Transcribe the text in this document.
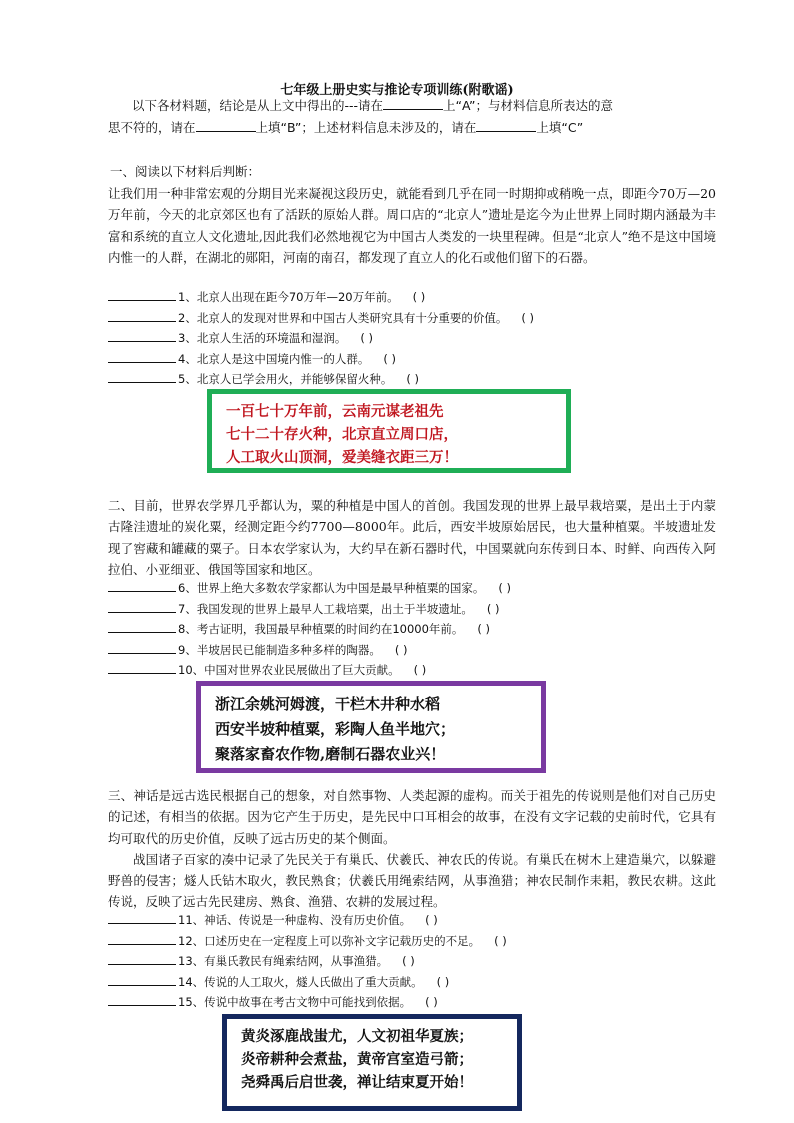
七年级上册史实与推论专项训练(附歌谣)
以下各材料题，结论是从上文中得出的---请在	上“A”；与材料信息所表达的意
思不符的，请在	上填“B”；上述材料信息未涉及的，请在	上填“C”
一、阅读以下材料后判断：

让我们用一种非常宏观的分期目光来凝视这段历史，就能看到几乎在同一时期抑或稍晚一点，即距今70万—20万年前，今天的北京郊区也有了活跃的原始人群。周口店的“北京人”遗址是迄今为止世界上同时期内涵最为丰富和系统的直立人文化遗址,因此我们必然地视它为中国古人类发的一块里程碑。但是“北京人”绝不是这中国境内惟一的人群，在湖北的郧阳，河南的南召，都发现了直立人的化石或他们留下的石器。

1、北京人出现在距今70万年—20万年前。 ( )
2、北京人的发现对世界和中国古人类研究具有十分重要的价值。 ( )
3、北京人生活的环境温和湿润。 ( )
4、北京人是这中国境内惟一的人群。 ( )
5、北京人已学会用火，并能够保留火种。 ( )
一百七十万年前，云南元谋老祖先
七十二十存火种，北京直立周口店，
人工取火山顶洞，爱美缝衣距三万！

二、目前，世界农学界几乎都认为，粟的种植是中国人的首创。我国发现的世界上最早栽培粟，是出土于内蒙古隆洼遗址的炭化粟，经测定距今约7700—8000年。此后，西安半坡原始居民，也大量种植粟。半坡遗址发现了窖藏和罐藏的粟子。日本农学家认为，大约早在新石器时代，中国粟就向东传到日本、时鲜、向西传入阿拉伯、小亚细亚、俄国等国家和地区。

6、世界上绝大多数农学家都认为中国是最早种植粟的国家。 ( )
7、我国发现的世界上最早人工栽培粟，出土于半坡遗址。 ( )
8、考古证明，我国最早种植粟的时间约在10000年前。 ( )
9、半坡居民已能制造多种多样的陶器。 ( )
10、中国对世界农业民展做出了巨大贡献。 ( )
浙江余姚河姆渡，干栏木井种水稻
西安半坡种植粟，彩陶人鱼半地穴；
聚落家畜农作物,磨制石器农业兴！

三、神话是远古选民根据自己的想象，对自然事物、人类起源的虚构。而关于祖先的传说则是他们对自己历史的记述，有相当的依据。因为它产生于历史，是先民中口耳相会的故事，在没有文字记载的史前时代，它具有均可取代的历史价值，反映了远古历史的某个侧面。

战国诸子百家的凑中记录了先民关于有巢氏、伏羲氏、神农氏的传说。有巢氏在树木上建造巢穴，以躲避野兽的侵害；燧人氏钻木取火，教民熟食；伏羲氏用绳索结网，从事渔猎；神农民制作耒耜，教民农耕。这此传说，反映了远古先民建房、熟食、渔猎、农耕的发展过程。

11、神话、传说是一种虚构、没有历史价值。 ( )
12、口述历史在一定程度上可以弥补文字记载历史的不足。 ( )
13、有巢氏教民有绳索结网，从事渔猎。 ( )
14、传说的人工取火，燧人氏做出了重大贡献。 ( )
15、传说中故事在考古文物中可能找到依据。 ( )
黄炎涿鹿战蚩尤，人文初祖华夏族；
炎帝耕种会煮盐，黄帝宫室造弓箭；
尧舜禹后启世袭，禅让结束夏开始！
